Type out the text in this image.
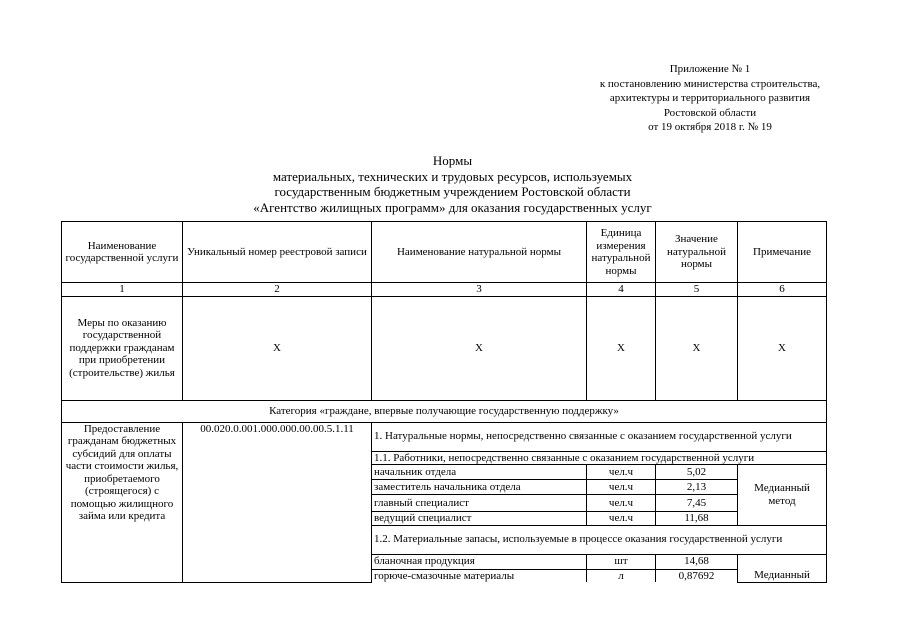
Приложение № 1
к постановлению министерства строительства,
архитектуры и территориального развития
Ростовской области
от 19 октября 2018 г. № 19
Нормы
материальных, технических и трудовых ресурсов, используемых
государственным бюджетным учреждением Ростовской области
«Агентство жилищных программ» для оказания государственных услуг
Наименование государственной услуги	Уникальный номер реестровой записи	Наименование натуральной нормы	Единица измерения натуральной нормы	Значение натуральной нормы	Примечание
1	2	3	4	5	6
Меры по оказанию государственной поддержки гражданам при приобретении (строительстве) жилья	Х	Х	Х	Х	Х
Категория «граждане, впервые получающие государственную поддержку»					
Предоставление гражданам бюджетных субсидий для оплаты части стоимости жилья, приобретаемого (строящегося) с помощью жилищного займа или кредита	00.020.0.001.000.000.00.00.5.1.11	1. Натуральные нормы, непосредственно связанные с оказанием государственной услуги			
		1.1. Работники, непосредственно связанные с оказанием государственной услуги			
		начальник отдела	чел.ч	5,02	Медианный метод
		заместитель начальника отдела	чел.ч	2,13	
		главный специалист	чел.ч	7,45	
		ведущий специалист	чел.ч	11,68	
		1.2. Материальные запасы, используемые в процессе оказания государственной услуги			
		бланочная продукция	шт	14,68	Медианный
		горюче-смазочные материалы	л	0,87692	
